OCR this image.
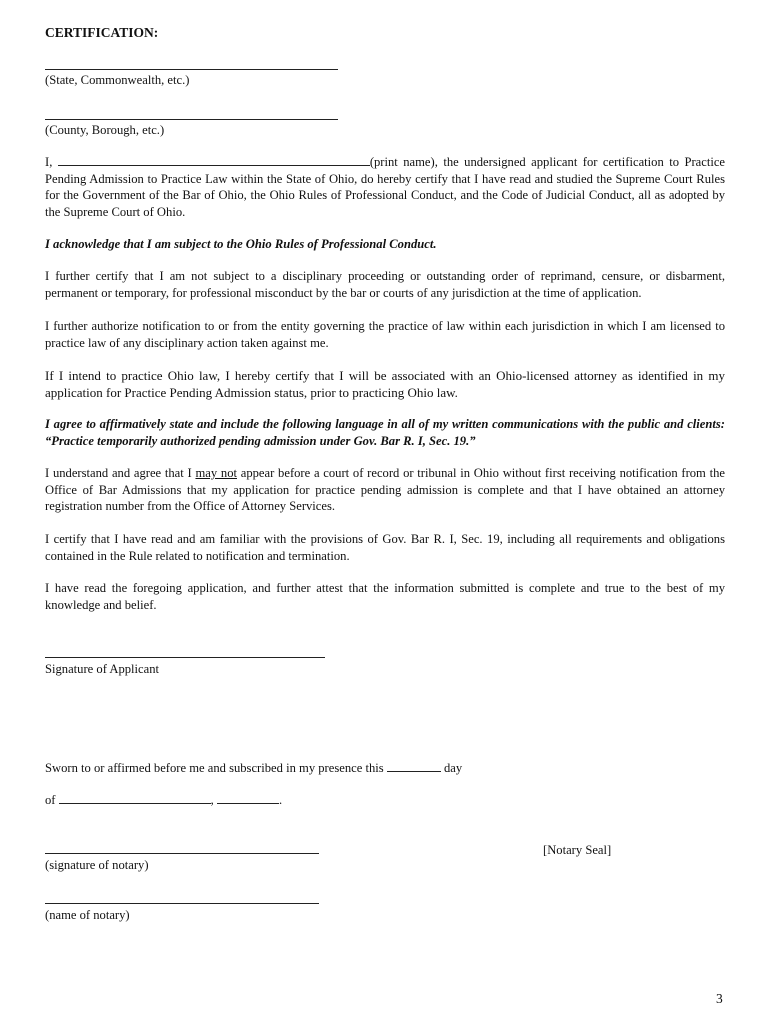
CERTIFICATION:
(State, Commonwealth, etc.)
(County, Borough, etc.)
I,	(print name), the undersigned applicant for certification to Practice Pending Admission to Practice Law within the State of Ohio, do hereby certify that I have read and studied the Supreme Court Rules for the Government of the Bar of Ohio, the Ohio Rules of Professional Conduct, and the Code of Judicial Conduct, all as adopted by the Supreme Court of Ohio.
I acknowledge that I am subject to the Ohio Rules of Professional Conduct.
I further certify that I am not subject to a disciplinary proceeding or outstanding order of reprimand, censure, or disbarment, permanent or temporary, for professional misconduct by the bar or courts of any jurisdiction at the time of application.
I further authorize notification to or from the entity governing the practice of law within each jurisdiction in which I am licensed to practice law of any disciplinary action taken against me.
If I intend to practice Ohio law, I hereby certify that I will be associated with an Ohio-licensed attorney as identified in my application for Practice Pending Admission status, prior to practicing Ohio law.
I agree to affirmatively state and include the following language in all of my written communications with the public and clients: “Practice temporarily authorized pending admission under Gov. Bar R. I, Sec. 19.”
I understand and agree that I may not appear before a court of record or tribunal in Ohio without first receiving notification from the Office of Bar Admissions that my application for practice pending admission is complete and that I have obtained an attorney registration number from the Office of Attorney Services.
I certify that I have read and am familiar with the provisions of Gov. Bar R. I, Sec. 19, including all requirements and obligations contained in the Rule related to notification and termination.
I have read the foregoing application, and further attest that the information submitted is complete and true to the best of my knowledge and belief.
Signature of Applicant
Sworn to or affirmed before me and subscribed in my presence this	day
of	,	.
(signature of notary)
[Notary Seal]
(name of notary)
3
